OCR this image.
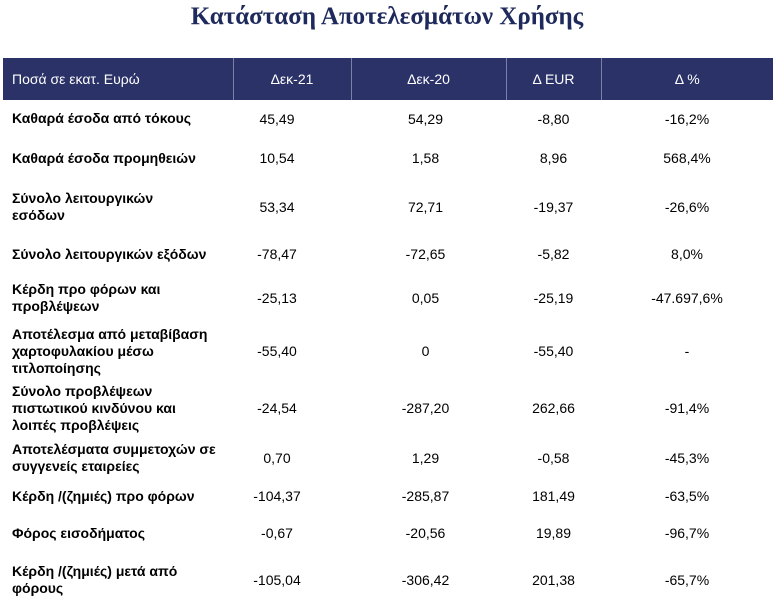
Κατάσταση Αποτελεσμάτων Χρήσης
Ποσά σε εκατ. Ευρώ	Δεκ-21	Δεκ-20	Δ EUR	Δ %
Καθαρά έσοδα από τόκους	45,49	54,29	-8,80	-16,2%
Καθαρά έσοδα προμηθειών	10,54	1,58	8,96	568,4%
Σύνολο λειτουργικών εσόδων	53,34	72,71	-19,37	-26,6%
Σύνολο λειτουργικών εξόδων	-78,47	-72,65	-5,82	8,0%
Κέρδη προ φόρων και προβλέψεων	-25,13	0,05	-25,19	-47.697,6%
Αποτέλεσμα από μεταβίβαση χαρτοφυλακίου μέσω τιτλοποίησης	-55,40	0	-55,40	-
Σύνολο προβλέψεων πιστωτικού κινδύνου και λοιπές προβλέψεις	-24,54	-287,20	262,66	-91,4%
Αποτελέσματα συμμετοχών σε συγγενείς εταιρείες	0,70	1,29	-0,58	-45,3%
Κέρδη /(ζημιές) προ φόρων	-104,37	-285,87	181,49	-63,5%
Φόρος εισοδήματος	-0,67	-20,56	19,89	-96,7%
Κέρδη /(ζημιές) μετά από φόρους	-105,04	-306,42	201,38	-65,7%
